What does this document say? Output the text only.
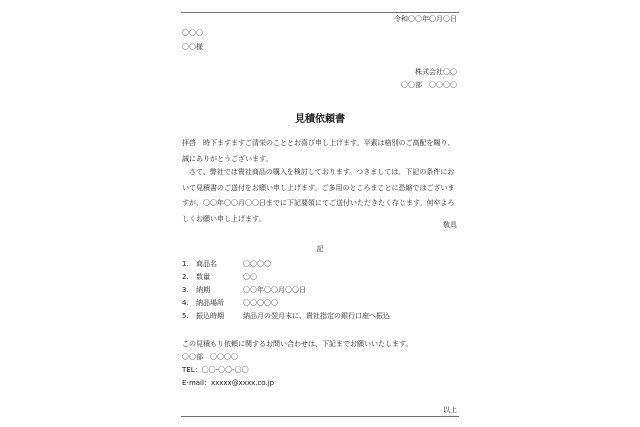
令和〇〇年〇月〇日
〇〇〇
〇〇様
株式会社〇〇
〇〇部　〇〇〇〇
見積依頼書
拝啓　時下ますますご清栄のこととお喜び申し上げます。平素は格別のご高配を賜り、誠にありがとうございます。
　さて、弊社では貴社商品の購入を検討しております。つきましては、下記の条件において見積書のご送付をお願い申し上げます。ご多用のところまことに恐縮ではございますが、〇〇年〇〇月〇〇日までに下記要領にてご送付いただきたく存じます。何卒よろしくお願い申し上げます。
敬具
記
1. 商品名	〇〇〇〇
2. 数量	〇〇
3. 納期	〇〇年〇〇月〇〇日
4. 納品場所	〇〇〇〇〇
5. 振込時期	納品月の翌月末に、貴社指定の銀行口座へ振込
この見積もり依頼に関するお問い合わせは、下記までお願いいたします。
〇〇部　〇〇〇〇
TEL：〇〇-〇〇-〇〇
E-mail：xxxxx@xxxx.co.jp
以上
